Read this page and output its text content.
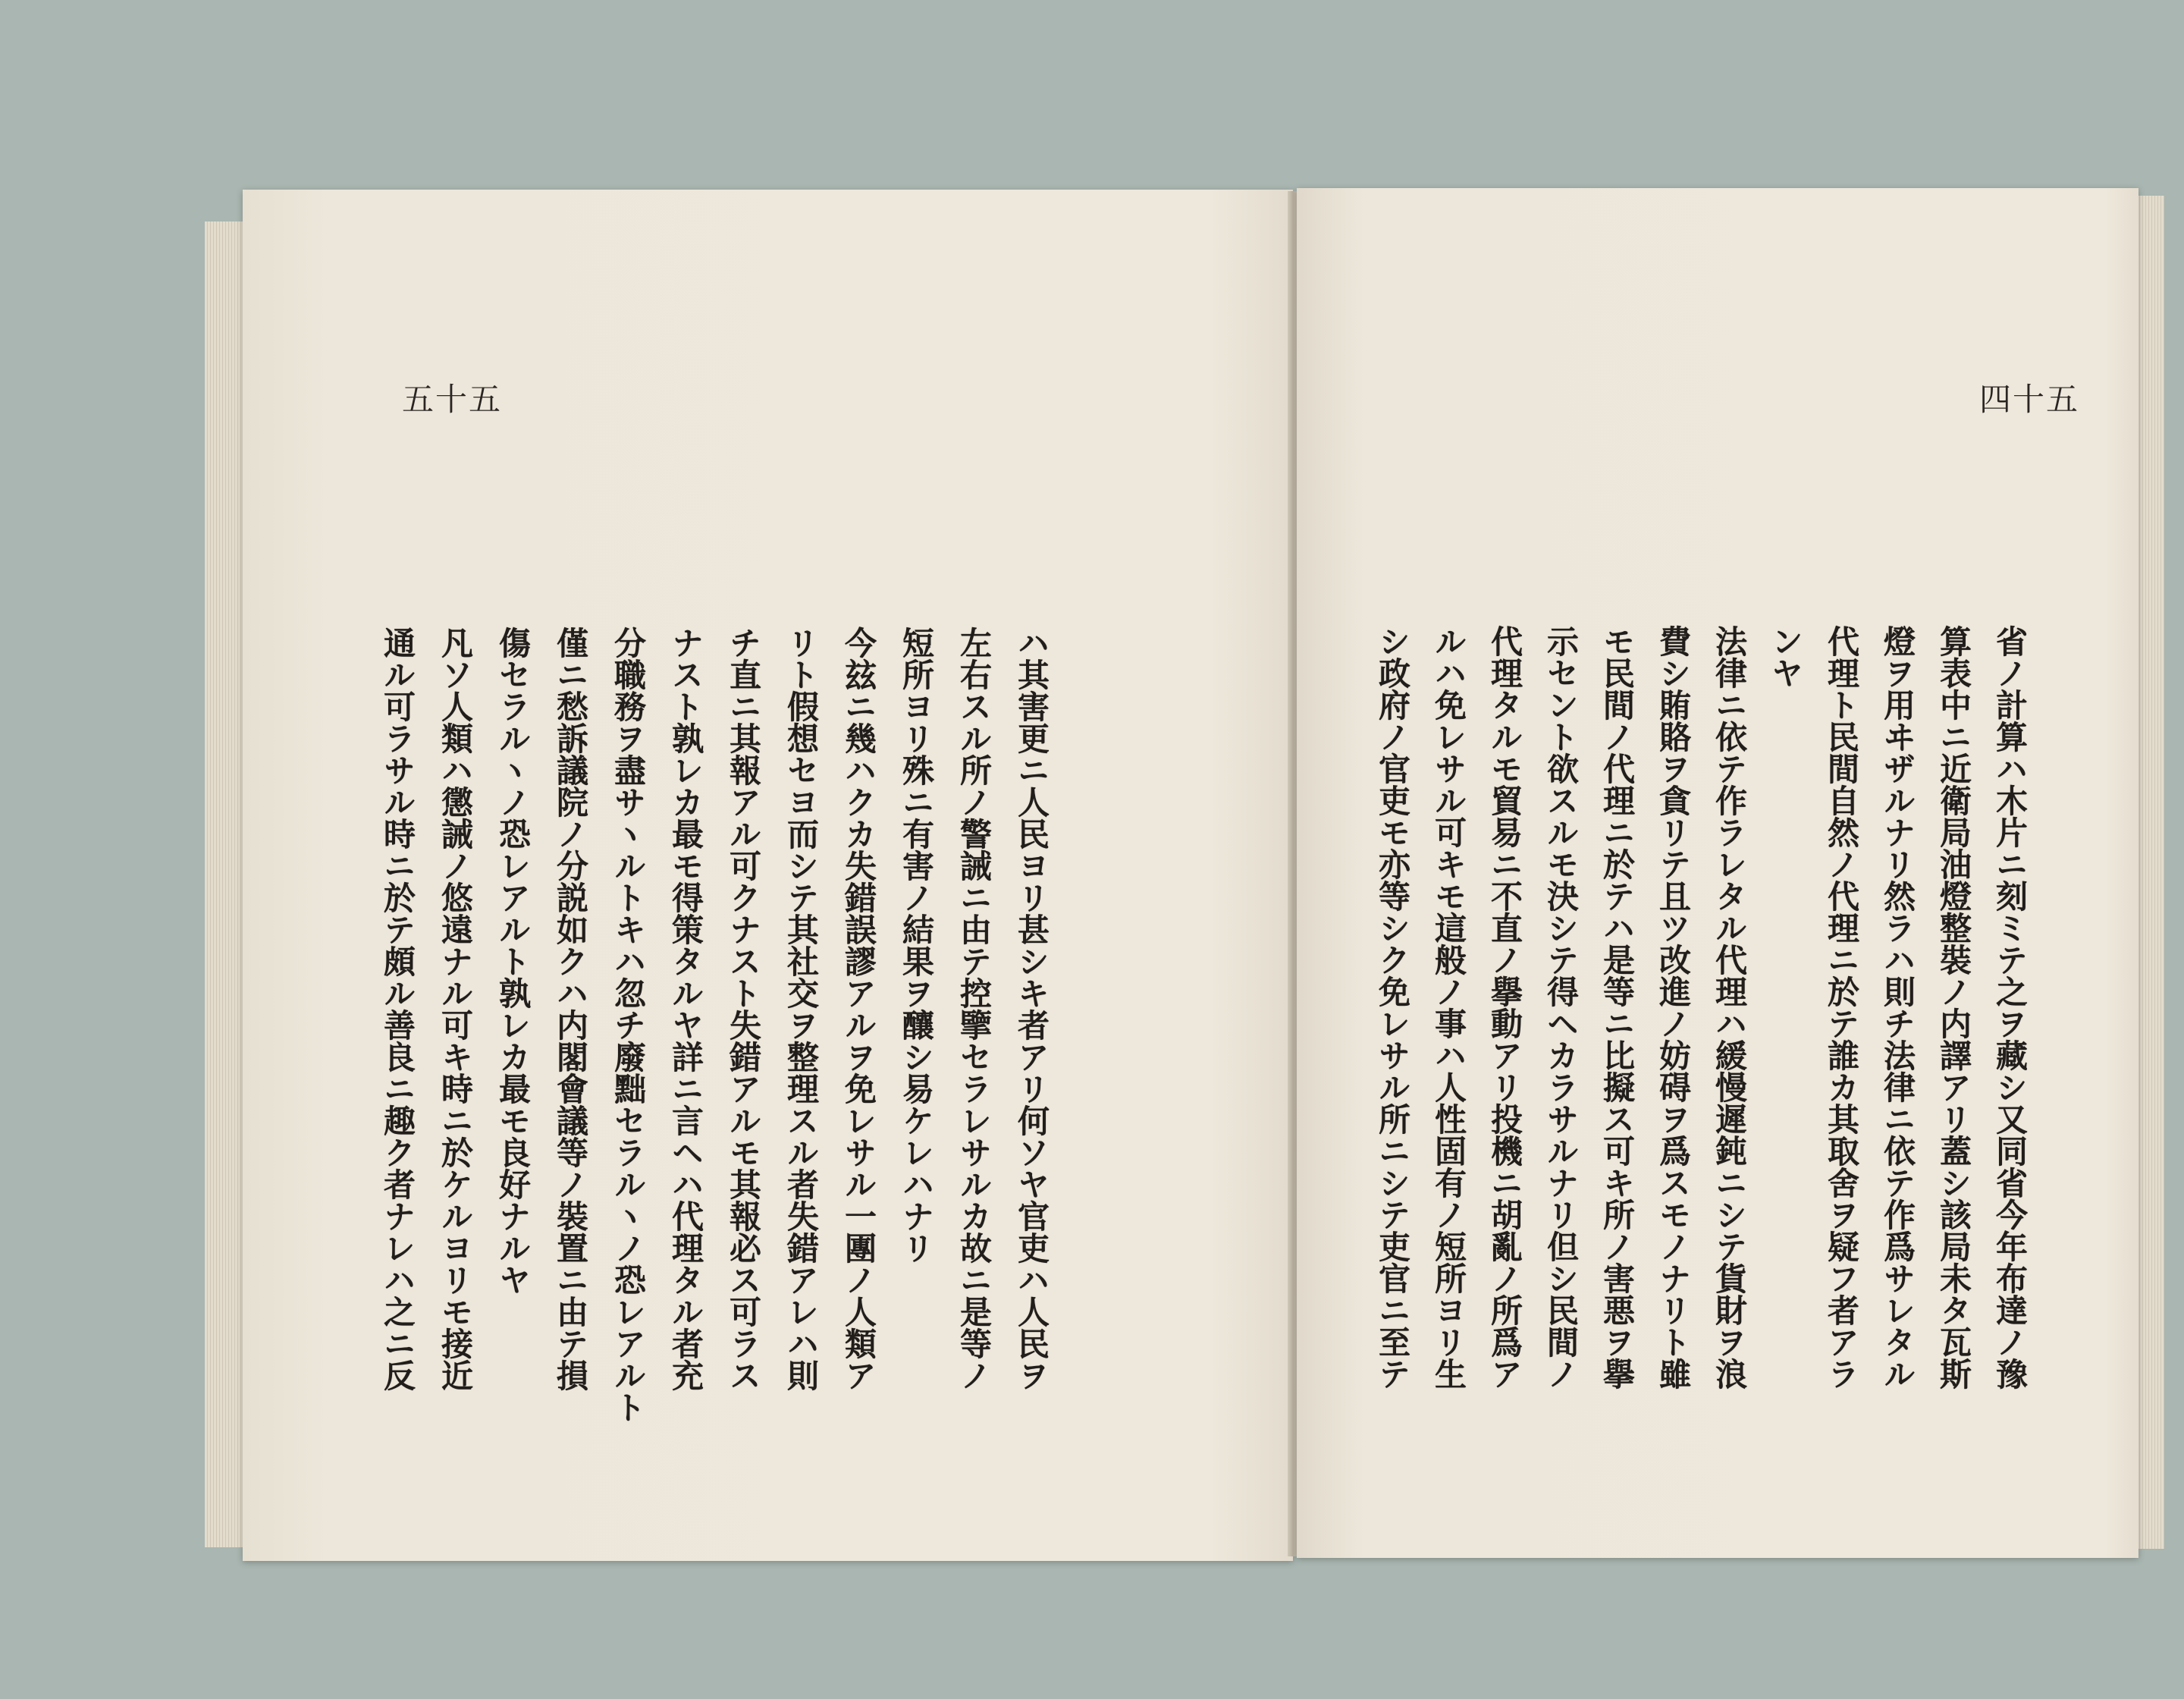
五十五
ハ其害更ニ人民ヨリ甚シキ者アリ何ソヤ官吏ハ人民ヲ
左右スル所ノ警誡ニ由テ控擥セラレサルカ故ニ是等ノ
短所ヨリ殊ニ有害ノ結果ヲ釀シ易ケレハナリ
今玆ニ幾ハクカ失錯誤謬アルヲ免レサル一團ノ人類ア
リト假想セヨ而シテ其社交ヲ整理スル者失錯アレハ則
チ直ニ其報アル可クナスト失錯アルモ其報必ス可ラス
ナスト孰レカ最モ得策タルヤ詳ニ言ヘハ代理タル者充
分職務ヲ盡サヽルトキハ忽チ廢黜セラルヽノ恐レアルト
僅ニ愁訴議院ノ分説如クハ内閣會議等ノ裝置ニ由テ損
傷セラルヽノ恐レアルト孰レカ最モ良好ナルヤ
凡ソ人類ハ懲誡ノ悠遠ナル可キ時ニ於ケルヨリモ接近
通ル可ラサル時ニ於テ頗ル善良ニ趣ク者ナレハ之ニ反
四十五
省ノ計算ハ木片ニ刻ミテ之ヲ藏シ又同省今年布達ノ豫
算表中ニ近衛局油燈整裝ノ内譯アリ蓋シ該局未タ瓦斯
燈ヲ用ヰザルナリ然ラハ則チ法律ニ依テ作爲サレタル
代理ト民間自然ノ代理ニ於テ誰カ其取舍ヲ疑フ者アラ
ンヤ
法律ニ依テ作ラレタル代理ハ緩慢遲鈍ニシテ貨財ヲ浪
費シ賄賂ヲ貪リテ且ツ改進ノ妨碍ヲ爲スモノナリト雖
モ民間ノ代理ニ於テハ是等ニ比擬ス可キ所ノ害悪ヲ擧
示セント欲スルモ決シテ得ヘカラサルナリ但シ民間ノ
代理タルモ貿易ニ不直ノ擧動アリ投機ニ胡亂ノ所爲ア
ルハ免レサル可キモ這般ノ事ハ人性固有ノ短所ヨリ生
シ政府ノ官吏モ亦等シク免レサル所ニシテ吏官ニ至テ
